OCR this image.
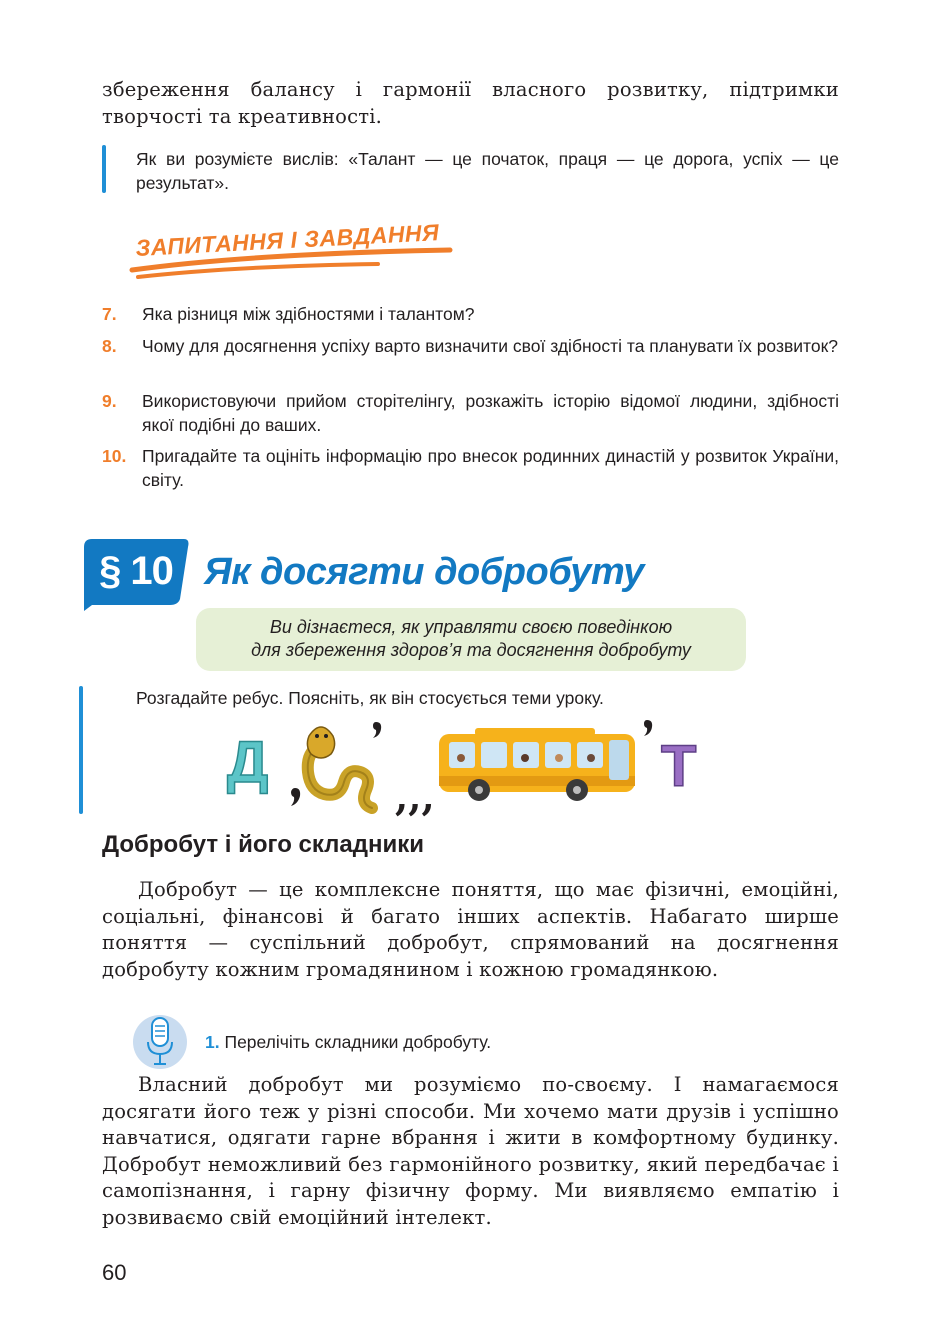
збереження балансу і гармонії власного розвитку, підтримки творчості та креативності.
Як ви розумієте вислів: «Талант — це початок, праця — це дорога, успіх — це результат».
ЗАПИТАННЯ І ЗАВДАННЯ
7. Яка різниця між здібностями і талантом?
8. Чому для досягнення успіху варто визначити свої здібності та планувати їх розвиток?
9. Використовуючи прийом сторітелінгу, розкажіть історію відомої людини, здібності якої подібні до ваших.
10. Пригадайте та оцініть інформацію про внесок родинних династій у розвиток України, світу.
§ 10 Як досягти добробуту
Ви дізнаєтеся, як управляти своєю поведінкою
для збереження здоров’я та досягнення добробуту
Розгадайте ребус. Поясніть, як він стосується теми уроку.
Д
,,,	Т
Добробут і його складники
Добробут — це комплексне поняття, що має фізичні, емоційні, соціальні, фінансові й багато інших аспектів. Набагато ширше поняття — суспільний добробут, спрямований на досягнення добробуту кожним громадянином і кожною громадянкою.
1. Перелічіть складники добробуту.
Власний добробут ми розуміємо по-своєму. І намагаємося досягати його теж у різні способи. Ми хочемо мати друзів і успішно навчатися, одягати гарне вбрання і жити в комфортному будинку. Добробут неможливий без гармонійного розвитку, який передбачає і самопізнання, і гарну фізичну форму. Ми виявляємо емпатію і розвиваємо свій емоційний інтелект.
60
